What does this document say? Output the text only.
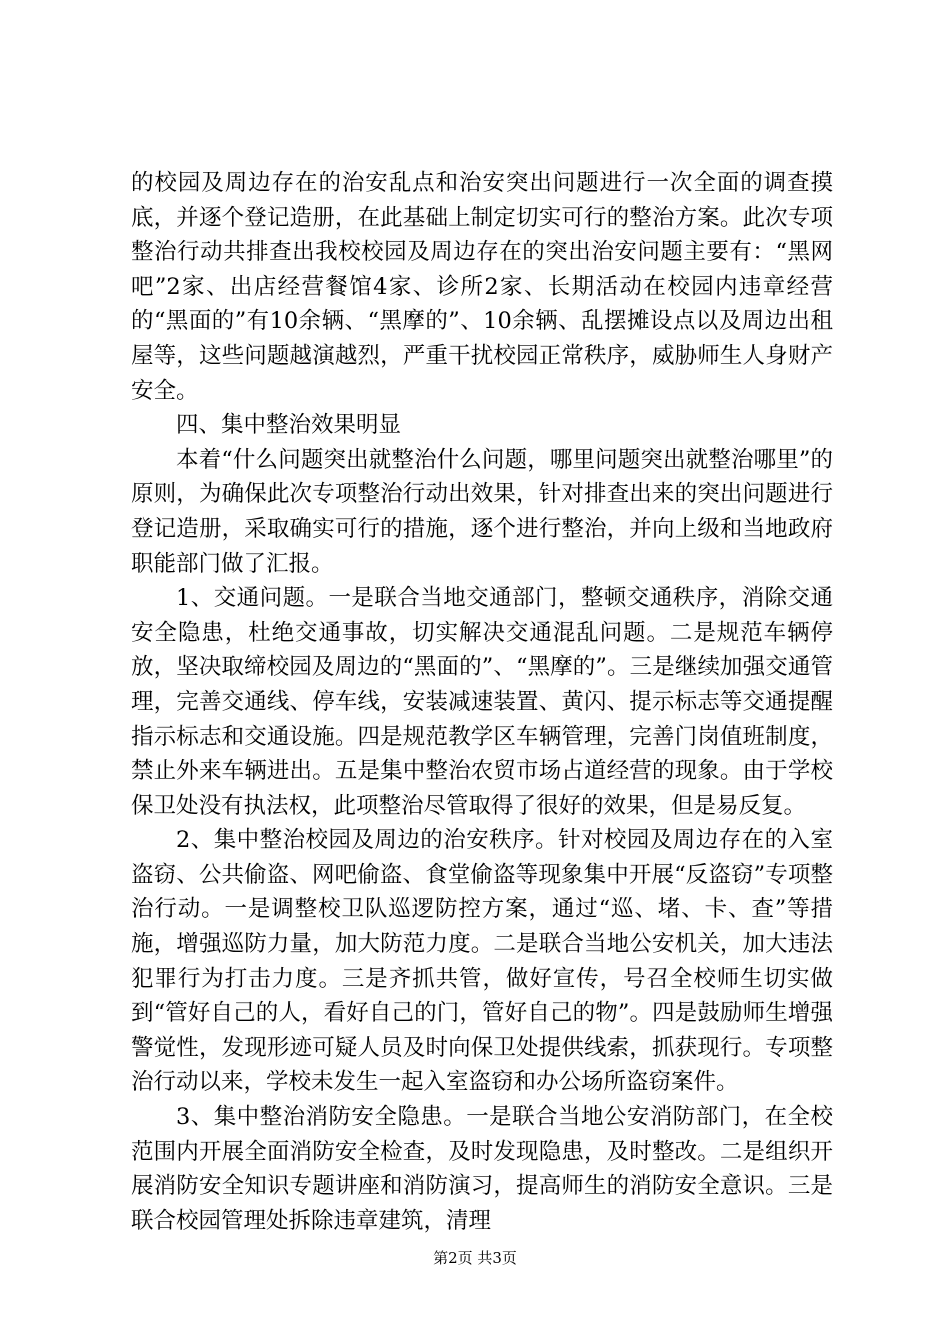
的校园及周边存在的治安乱点和治安突出问题进行一次全面的调查摸底，并逐个登记造册，在此基础上制定切实可行的整治方案。此次专项整治行动共排查出我校校园及周边存在的突出治安问题主要有：“黑网吧”2家、出店经营餐馆4家、诊所2家、长期活动在校园内违章经营的“黑面的”有10余辆、“黑摩的”、10余辆、乱摆摊设点以及周边出租屋等，这些问题越演越烈，严重干扰校园正常秩序，威胁师生人身财产安全。

四、集中整治效果明显

本着“什么问题突出就整治什么问题，哪里问题突出就整治哪里”的原则，为确保此次专项整治行动出效果，针对排查出来的突出问题进行登记造册，采取确实可行的措施，逐个进行整治，并向上级和当地政府职能部门做了汇报。

1、交通问题。一是联合当地交通部门，整顿交通秩序，消除交通安全隐患，杜绝交通事故，切实解决交通混乱问题。二是规范车辆停放，坚决取缔校园及周边的“黑面的”、“黑摩的”。三是继续加强交通管理，完善交通线、停车线，安装减速装置、黄闪、提示标志等交通提醒指示标志和交通设施。四是规范教学区车辆管理，完善门岗值班制度，禁止外来车辆进出。五是集中整治农贸市场占道经营的现象。由于学校保卫处没有执法权，此项整治尽管取得了很好的效果，但是易反复。

2、集中整治校园及周边的治安秩序。针对校园及周边存在的入室盗窃、公共偷盗、网吧偷盗、食堂偷盗等现象集中开展“反盗窃”专项整治行动。一是调整校卫队巡逻防控方案，通过“巡、堵、卡、查”等措施，增强巡防力量，加大防范力度。二是联合当地公安机关，加大违法犯罪行为打击力度。三是齐抓共管，做好宣传，号召全校师生切实做到“管好自己的人，看好自己的门，管好自己的物”。四是鼓励师生增强警觉性，发现形迹可疑人员及时向保卫处提供线索，抓获现行。专项整治行动以来，学校未发生一起入室盗窃和办公场所盗窃案件。

3、集中整治消防安全隐患。一是联合当地公安消防部门，在全校范围内开展全面消防安全检查，及时发现隐患，及时整改。二是组织开展消防安全知识专题讲座和消防演习，提高师生的消防安全意识。三是联合校园管理处拆除违章建筑，清理

第2页 共3页
